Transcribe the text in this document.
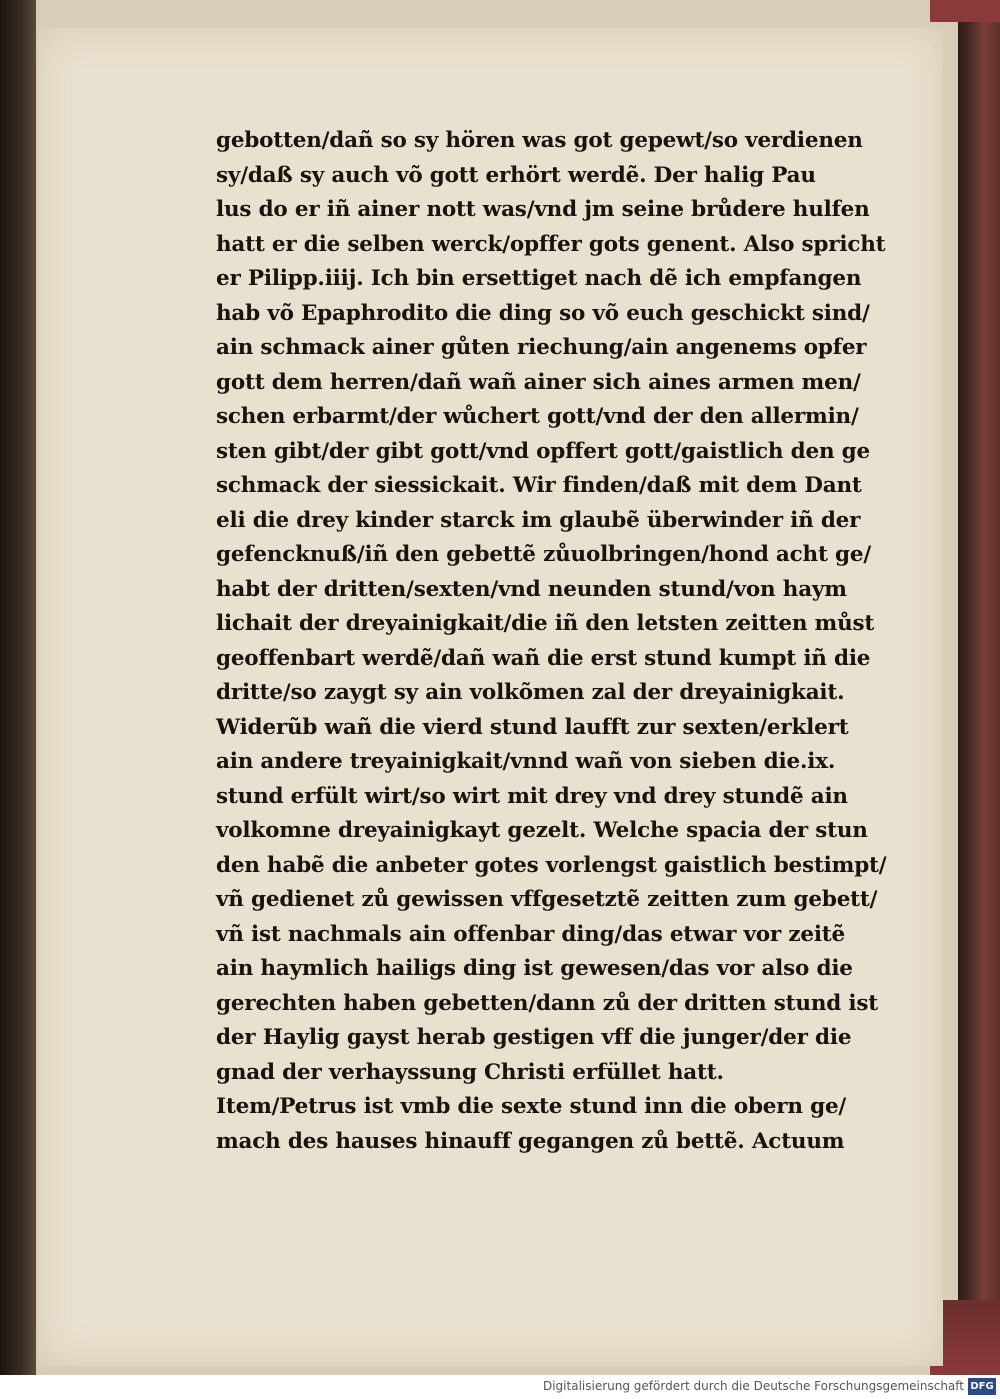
gebotten/dañ so sy hören was got gepewt/so verdienen
sy/daß sy auch võ gott erhört werdẽ. Der halig Pau
lus do er iñ ainer nott was/vnd jm seine brůdere hulfen
hatt er die selben werck/opffer gots genent. Also spricht
er Pilipp.iiij. Ich bin ersettiget nach dẽ ich empfangen
hab võ Epaphrodito die ding so võ euch geschickt sind/
ain schmack ainer gůten riechung/ain angenems opfer
gott dem herren/dañ wañ ainer sich aines armen men/
schen erbarmt/der wůchert gott/vnd der den allermin/
sten gibt/der gibt gott/vnd opffert gott/gaistlich den ge
schmack der siessickait. Wir finden/daß mit dem Dant
eli die drey kinder starck im glaubẽ überwinder iñ der
gefencknuß/iñ den gebettẽ zůuolbringen/hond acht ge/
habt der dritten/sexten/vnd neunden stund/von haym
lichait der dreyainigkait/die iñ den letsten zeitten můst
geoffenbart werdẽ/dañ wañ die erst stund kumpt iñ die
dritte/so zaygt sy ain volkõmen zal der dreyainigkait.
Widerũb wañ die vierd stund laufft zur sexten/erklert
ain andere treyainigkait/vnnd wañ von sieben die.ix.
stund erfült wirt/so wirt mit drey vnd drey stundẽ ain
volkomne dreyainigkayt gezelt. Welche spacia der stun
den habẽ die anbeter gotes vorlengst gaistlich bestimpt/
vñ gedienet zů gewissen vffgesetztẽ zeitten zum gebett/
vñ ist nachmals ain offenbar ding/das etwar vor zeitẽ
ain haymlich hailigs ding ist gewesen/das vor also die
gerechten haben gebetten/dann zů der dritten stund ist
der Haylig gayst herab gestigen vff die junger/der die
gnad der verhayssung Christi erfüllet hatt.
Item/Petrus ist vmb die sexte stund inn die obern ge/
mach des hauses hinauff gegangen zů bettẽ. Actuum
Digitalisierung gefördert durch die Deutsche Forschungsgemeinschaft DFG
